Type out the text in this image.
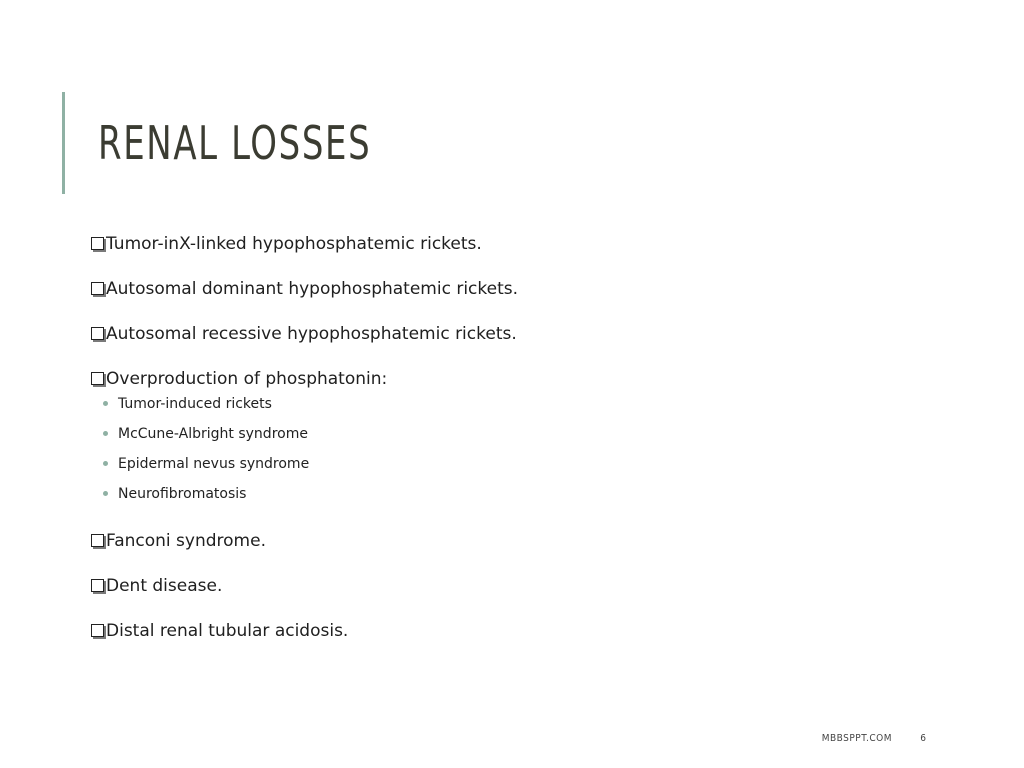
RENAL LOSSES
Tumor-inX-linked hypophosphatemic rickets.
Autosomal dominant hypophosphatemic rickets.
Autosomal recessive hypophosphatemic rickets.
Overproduction of phosphatonin:
Tumor-induced rickets
McCune-Albright syndrome
Epidermal nevus syndrome
Neurofibromatosis
Fanconi syndrome.
Dent disease.
Distal renal tubular acidosis.
MBBSPPT.COM	6
